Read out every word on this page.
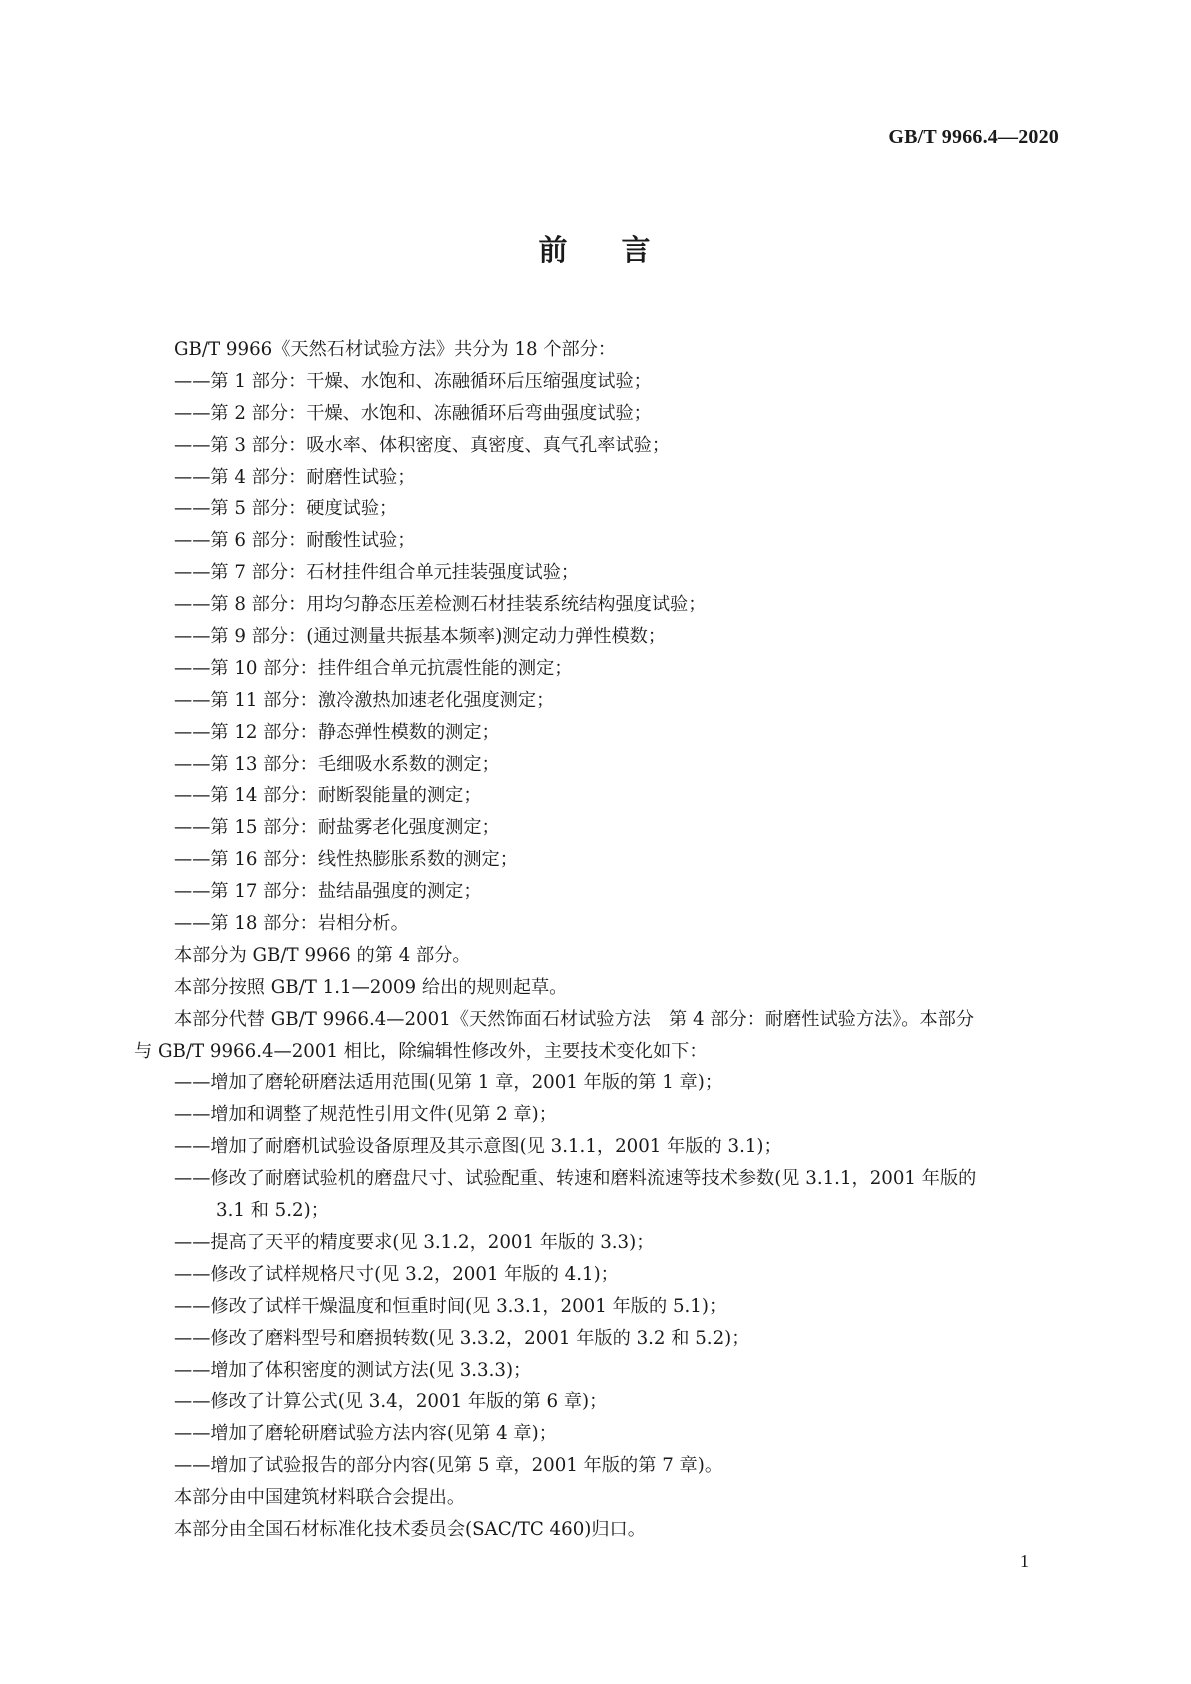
GB/T 9966.4—2020
前 言
GB/T 9966《天然石材试验方法》共分为 18 个部分：
——第 1 部分：干燥、水饱和、冻融循环后压缩强度试验；
——第 2 部分：干燥、水饱和、冻融循环后弯曲强度试验；
——第 3 部分：吸水率、体积密度、真密度、真气孔率试验；
——第 4 部分：耐磨性试验；
——第 5 部分：硬度试验；
——第 6 部分：耐酸性试验；
——第 7 部分：石材挂件组合单元挂装强度试验；
——第 8 部分：用均匀静态压差检测石材挂装系统结构强度试验；
——第 9 部分：(通过测量共振基本频率)测定动力弹性模数；
——第 10 部分：挂件组合单元抗震性能的测定；
——第 11 部分：激冷激热加速老化强度测定；
——第 12 部分：静态弹性模数的测定；
——第 13 部分：毛细吸水系数的测定；
——第 14 部分：耐断裂能量的测定；
——第 15 部分：耐盐雾老化强度测定；
——第 16 部分：线性热膨胀系数的测定；
——第 17 部分：盐结晶强度的测定；
——第 18 部分：岩相分析。
本部分为 GB/T 9966 的第 4 部分。
本部分按照 GB/T 1.1—2009 给出的规则起草。
本部分代替 GB/T 9966.4—2001《天然饰面石材试验方法　第 4 部分：耐磨性试验方法》。本部分
与 GB/T 9966.4—2001 相比，除编辑性修改外，主要技术变化如下：
——增加了磨轮研磨法适用范围(见第 1 章，2001 年版的第 1 章)；
——增加和调整了规范性引用文件(见第 2 章)；
——增加了耐磨机试验设备原理及其示意图(见 3.1.1，2001 年版的 3.1)；
——修改了耐磨试验机的磨盘尺寸、试验配重、转速和磨料流速等技术参数(见 3.1.1，2001 年版的
3.1 和 5.2)；
——提高了天平的精度要求(见 3.1.2，2001 年版的 3.3)；
——修改了试样规格尺寸(见 3.2，2001 年版的 4.1)；
——修改了试样干燥温度和恒重时间(见 3.3.1，2001 年版的 5.1)；
——修改了磨料型号和磨损转数(见 3.3.2，2001 年版的 3.2 和 5.2)；
——增加了体积密度的测试方法(见 3.3.3)；
——修改了计算公式(见 3.4，2001 年版的第 6 章)；
——增加了磨轮研磨试验方法内容(见第 4 章)；
——增加了试验报告的部分内容(见第 5 章，2001 年版的第 7 章)。
本部分由中国建筑材料联合会提出。
本部分由全国石材标准化技术委员会(SAC/TC 460)归口。
1
